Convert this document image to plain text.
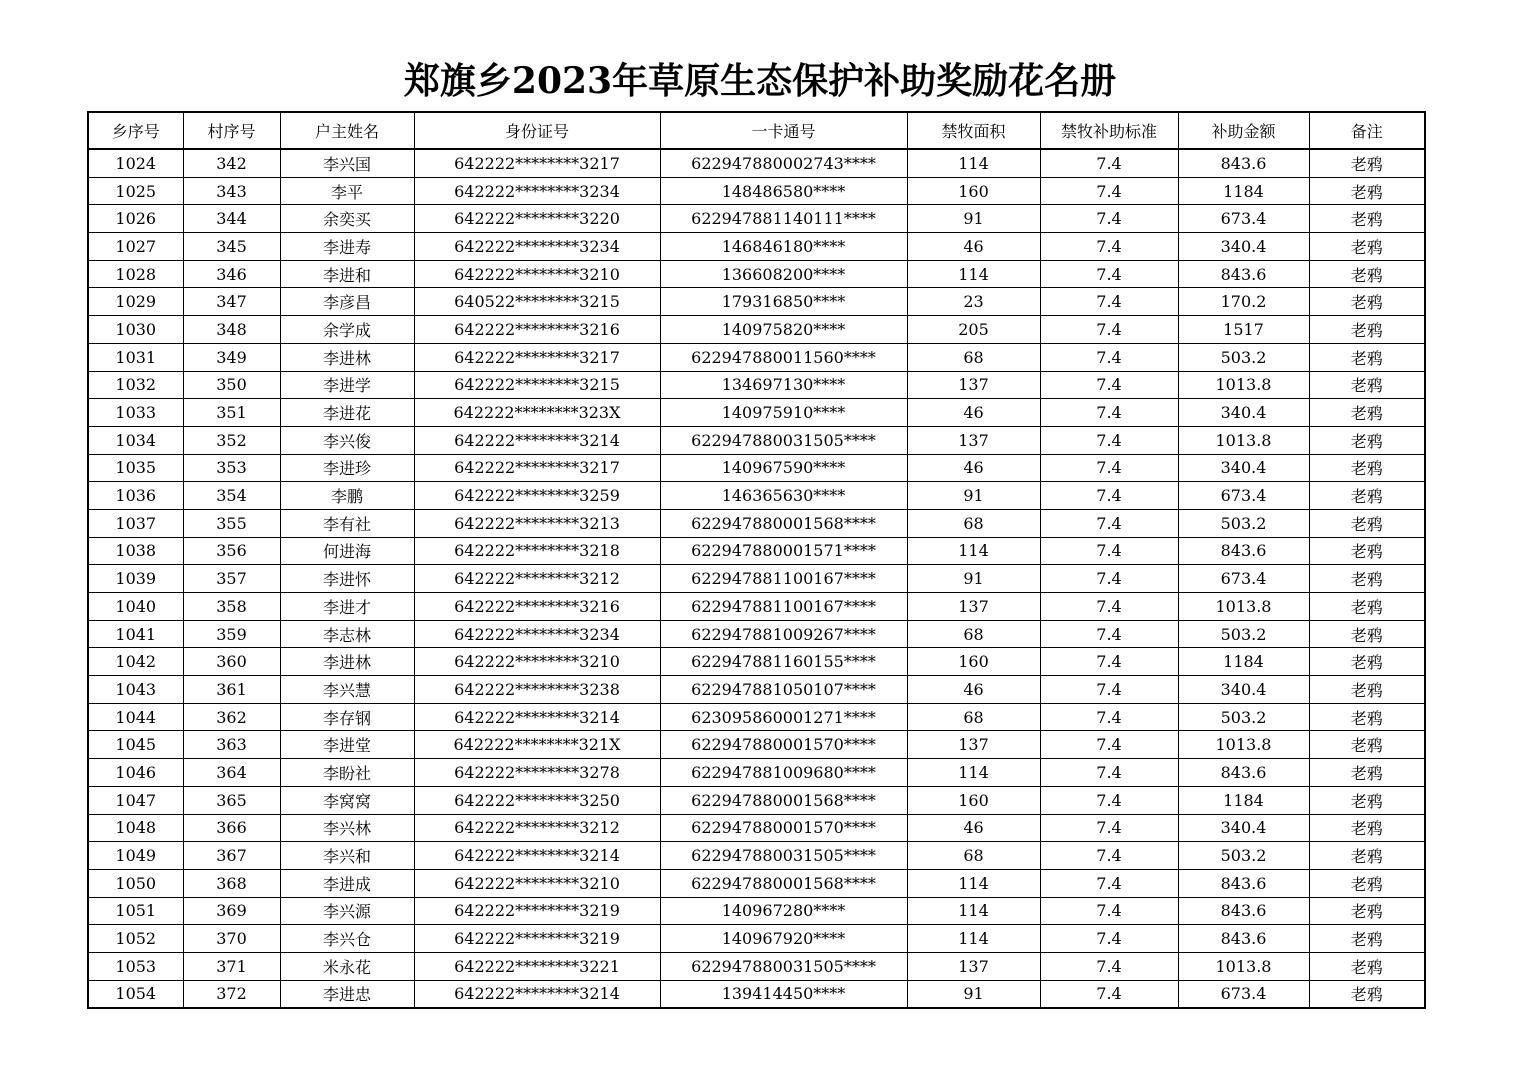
郑旗乡2023年草原生态保护补助奖励花名册
乡序号	村序号	户主姓名	身份证号	一卡通号	禁牧面积	禁牧补助标准	补助金额	备注
1024	342	李兴国	642222********3217	622947880002743****	114	7.4	843.6	老鸦
1025	343	李平	642222********3234	148486580****	160	7.4	1184	老鸦
1026	344	余奕买	642222********3220	622947881140111****	91	7.4	673.4	老鸦
1027	345	李进寿	642222********3234	146846180****	46	7.4	340.4	老鸦
1028	346	李进和	642222********3210	136608200****	114	7.4	843.6	老鸦
1029	347	李彦昌	640522********3215	179316850****	23	7.4	170.2	老鸦
1030	348	余学成	642222********3216	140975820****	205	7.4	1517	老鸦
1031	349	李进林	642222********3217	622947880011560****	68	7.4	503.2	老鸦
1032	350	李进学	642222********3215	134697130****	137	7.4	1013.8	老鸦
1033	351	李进花	642222********323X	140975910****	46	7.4	340.4	老鸦
1034	352	李兴俊	642222********3214	622947880031505****	137	7.4	1013.8	老鸦
1035	353	李进珍	642222********3217	140967590****	46	7.4	340.4	老鸦
1036	354	李鹏	642222********3259	146365630****	91	7.4	673.4	老鸦
1037	355	李有社	642222********3213	622947880001568****	68	7.4	503.2	老鸦
1038	356	何进海	642222********3218	622947880001571****	114	7.4	843.6	老鸦
1039	357	李进怀	642222********3212	622947881100167****	91	7.4	673.4	老鸦
1040	358	李进才	642222********3216	622947881100167****	137	7.4	1013.8	老鸦
1041	359	李志林	642222********3234	622947881009267****	68	7.4	503.2	老鸦
1042	360	李进林	642222********3210	622947881160155****	160	7.4	1184	老鸦
1043	361	李兴慧	642222********3238	622947881050107****	46	7.4	340.4	老鸦
1044	362	李存钢	642222********3214	623095860001271****	68	7.4	503.2	老鸦
1045	363	李进堂	642222********321X	622947880001570****	137	7.4	1013.8	老鸦
1046	364	李盼社	642222********3278	622947881009680****	114	7.4	843.6	老鸦
1047	365	李窝窝	642222********3250	622947880001568****	160	7.4	1184	老鸦
1048	366	李兴林	642222********3212	622947880001570****	46	7.4	340.4	老鸦
1049	367	李兴和	642222********3214	622947880031505****	68	7.4	503.2	老鸦
1050	368	李进成	642222********3210	622947880001568****	114	7.4	843.6	老鸦
1051	369	李兴源	642222********3219	140967280****	114	7.4	843.6	老鸦
1052	370	李兴仓	642222********3219	140967920****	114	7.4	843.6	老鸦
1053	371	米永花	642222********3221	622947880031505****	137	7.4	1013.8	老鸦
1054	372	李进忠	642222********3214	139414450****	91	7.4	673.4	老鸦
